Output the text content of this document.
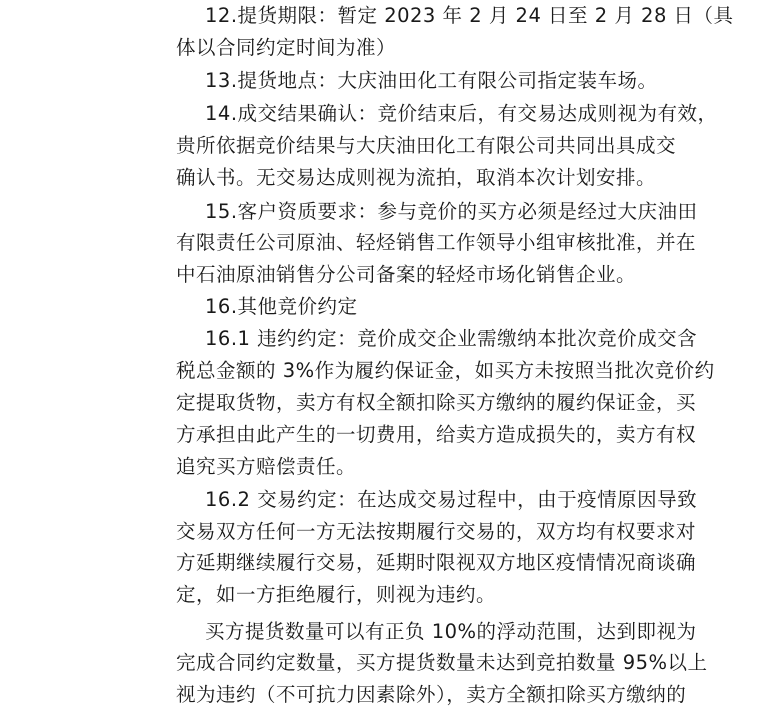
12.提货期限：暂定 2023 年 2 月 24 日至 2 月 28 日（具
体以合同约定时间为准）
13.提货地点：大庆油田化工有限公司指定装车场。
14.成交结果确认：竞价结束后，有交易达成则视为有效，
贵所依据竞价结果与大庆油田化工有限公司共同出具成交
确认书。无交易达成则视为流拍，取消本次计划安排。
15.客户资质要求：参与竞价的买方必须是经过大庆油田
有限责任公司原油、轻烃销售工作领导小组审核批准，并在
中石油原油销售分公司备案的轻烃市场化销售企业。
16.其他竞价约定
16.1 违约约定：竞价成交企业需缴纳本批次竞价成交含
税总金额的 3%作为履约保证金，如买方未按照当批次竞价约
定提取货物，卖方有权全额扣除买方缴纳的履约保证金，买
方承担由此产生的一切费用，给卖方造成损失的，卖方有权
追究买方赔偿责任。
16.2 交易约定：在达成交易过程中，由于疫情原因导致
交易双方任何一方无法按期履行交易的，双方均有权要求对
方延期继续履行交易，延期时限视双方地区疫情情况商谈确
定，如一方拒绝履行，则视为违约。
买方提货数量可以有正负 10%的浮动范围，达到即视为
完成合同约定数量，买方提货数量未达到竞拍数量 95%以上
视为违约（不可抗力因素除外），卖方全额扣除买方缴纳的
